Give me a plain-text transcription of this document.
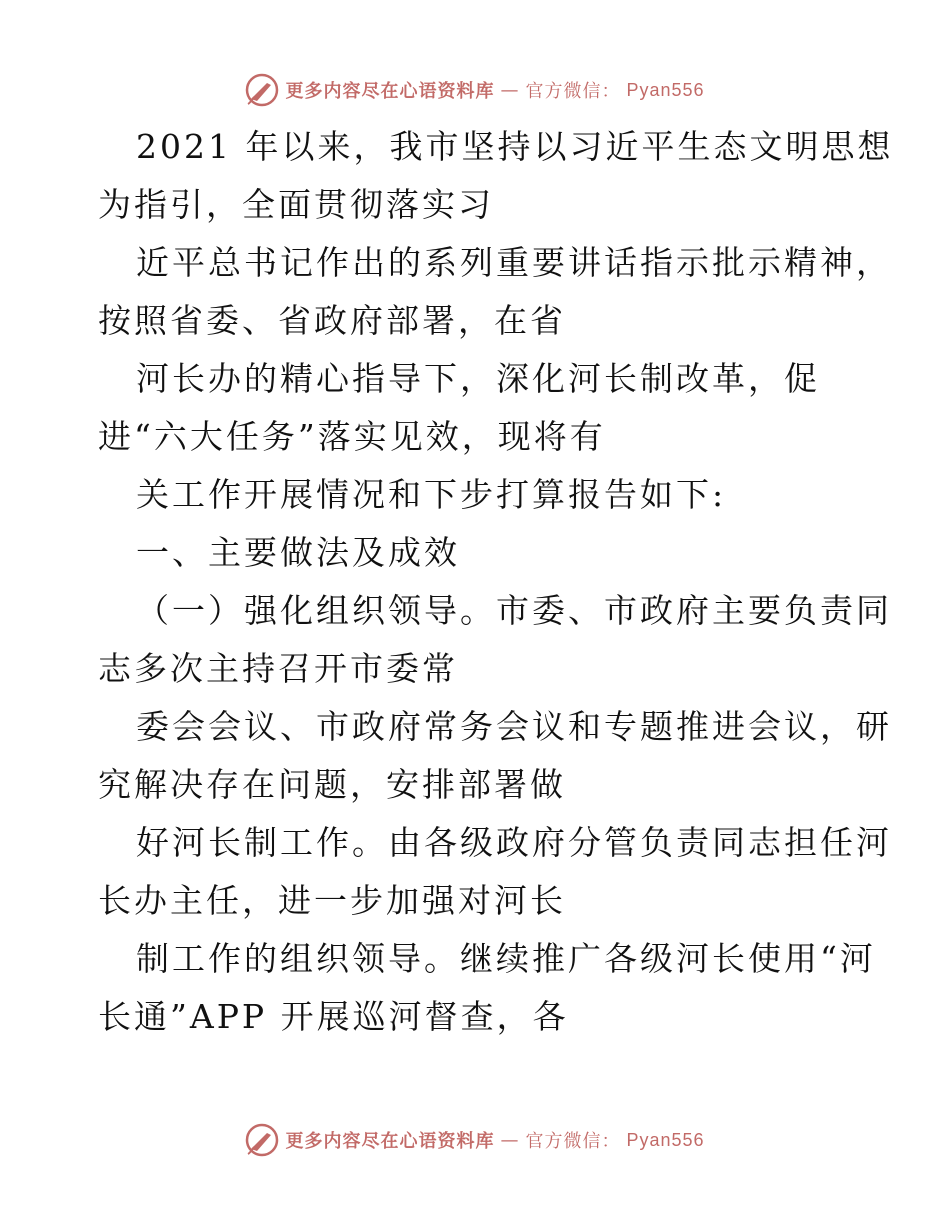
更多内容尽在心语资料库 — 官方微信： Pyan556
2021 年以来，我市坚持以习近平生态文明思想
为指引，全面贯彻落实习
近平总书记作出的系列重要讲话指示批示精神，
按照省委、省政府部署，在省
河长办的精心指导下，深化河长制改革，促
进“六大任务”落实见效，现将有
关工作开展情况和下步打算报告如下:
一、主要做法及成效
（一）强化组织领导。市委、市政府主要负责同
志多次主持召开市委常
委会会议、市政府常务会议和专题推进会议，研
究解决存在问题，安排部署做
好河长制工作。由各级政府分管负责同志担任河
长办主任，进一步加强对河长
制工作的组织领导。继续推广各级河长使用“河
长通”APP 开展巡河督查，各
更多内容尽在心语资料库 — 官方微信： Pyan556
